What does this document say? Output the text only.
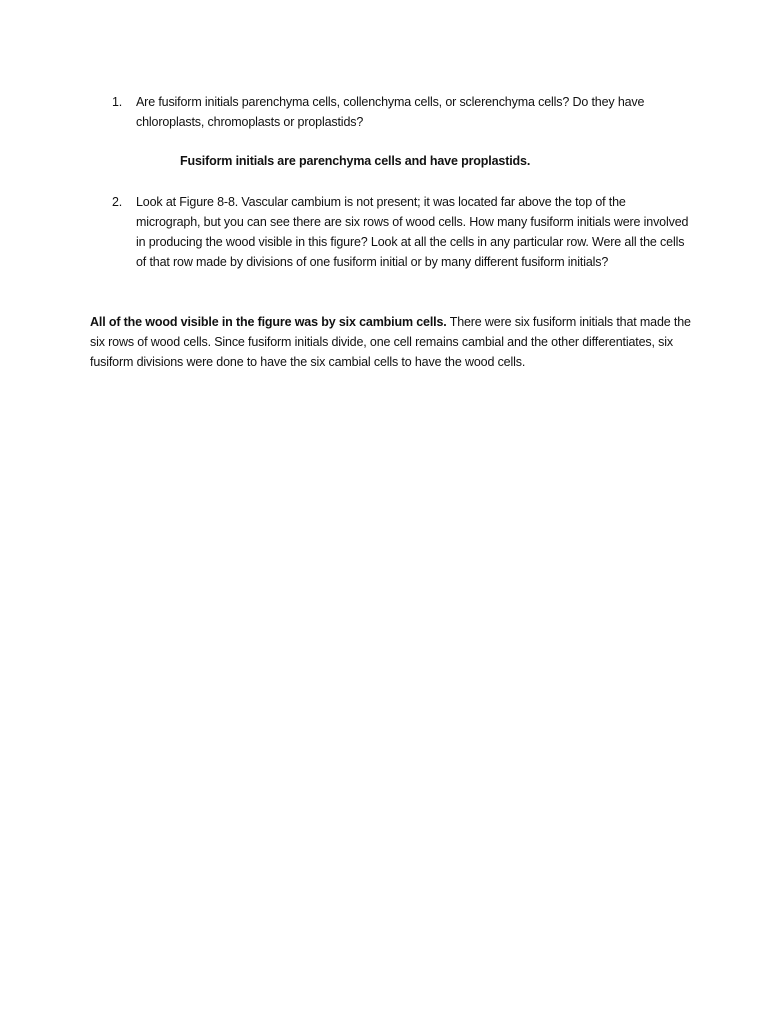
1.	Are fusiform initials parenchyma cells, collenchyma cells, or sclerenchyma cells? Do they have chloroplasts, chromoplasts or proplastids?
Fusiform initials are parenchyma cells and have proplastids.
2.	Look at Figure 8-8. Vascular cambium is not present; it was located far above the top of the micrograph, but you can see there are six rows of wood cells. How many fusiform initials were involved in producing the wood visible in this figure? Look at all the cells in any particular row. Were all the cells of that row made by divisions of one fusiform initial or by many different fusiform initials?
All of the wood visible in the figure was by six cambium cells. There were six fusiform initials that made the six rows of wood cells. Since fusiform initials divide, one cell remains cambial and the other differentiates, six fusiform divisions were done to have the six cambial cells to have the wood cells.
